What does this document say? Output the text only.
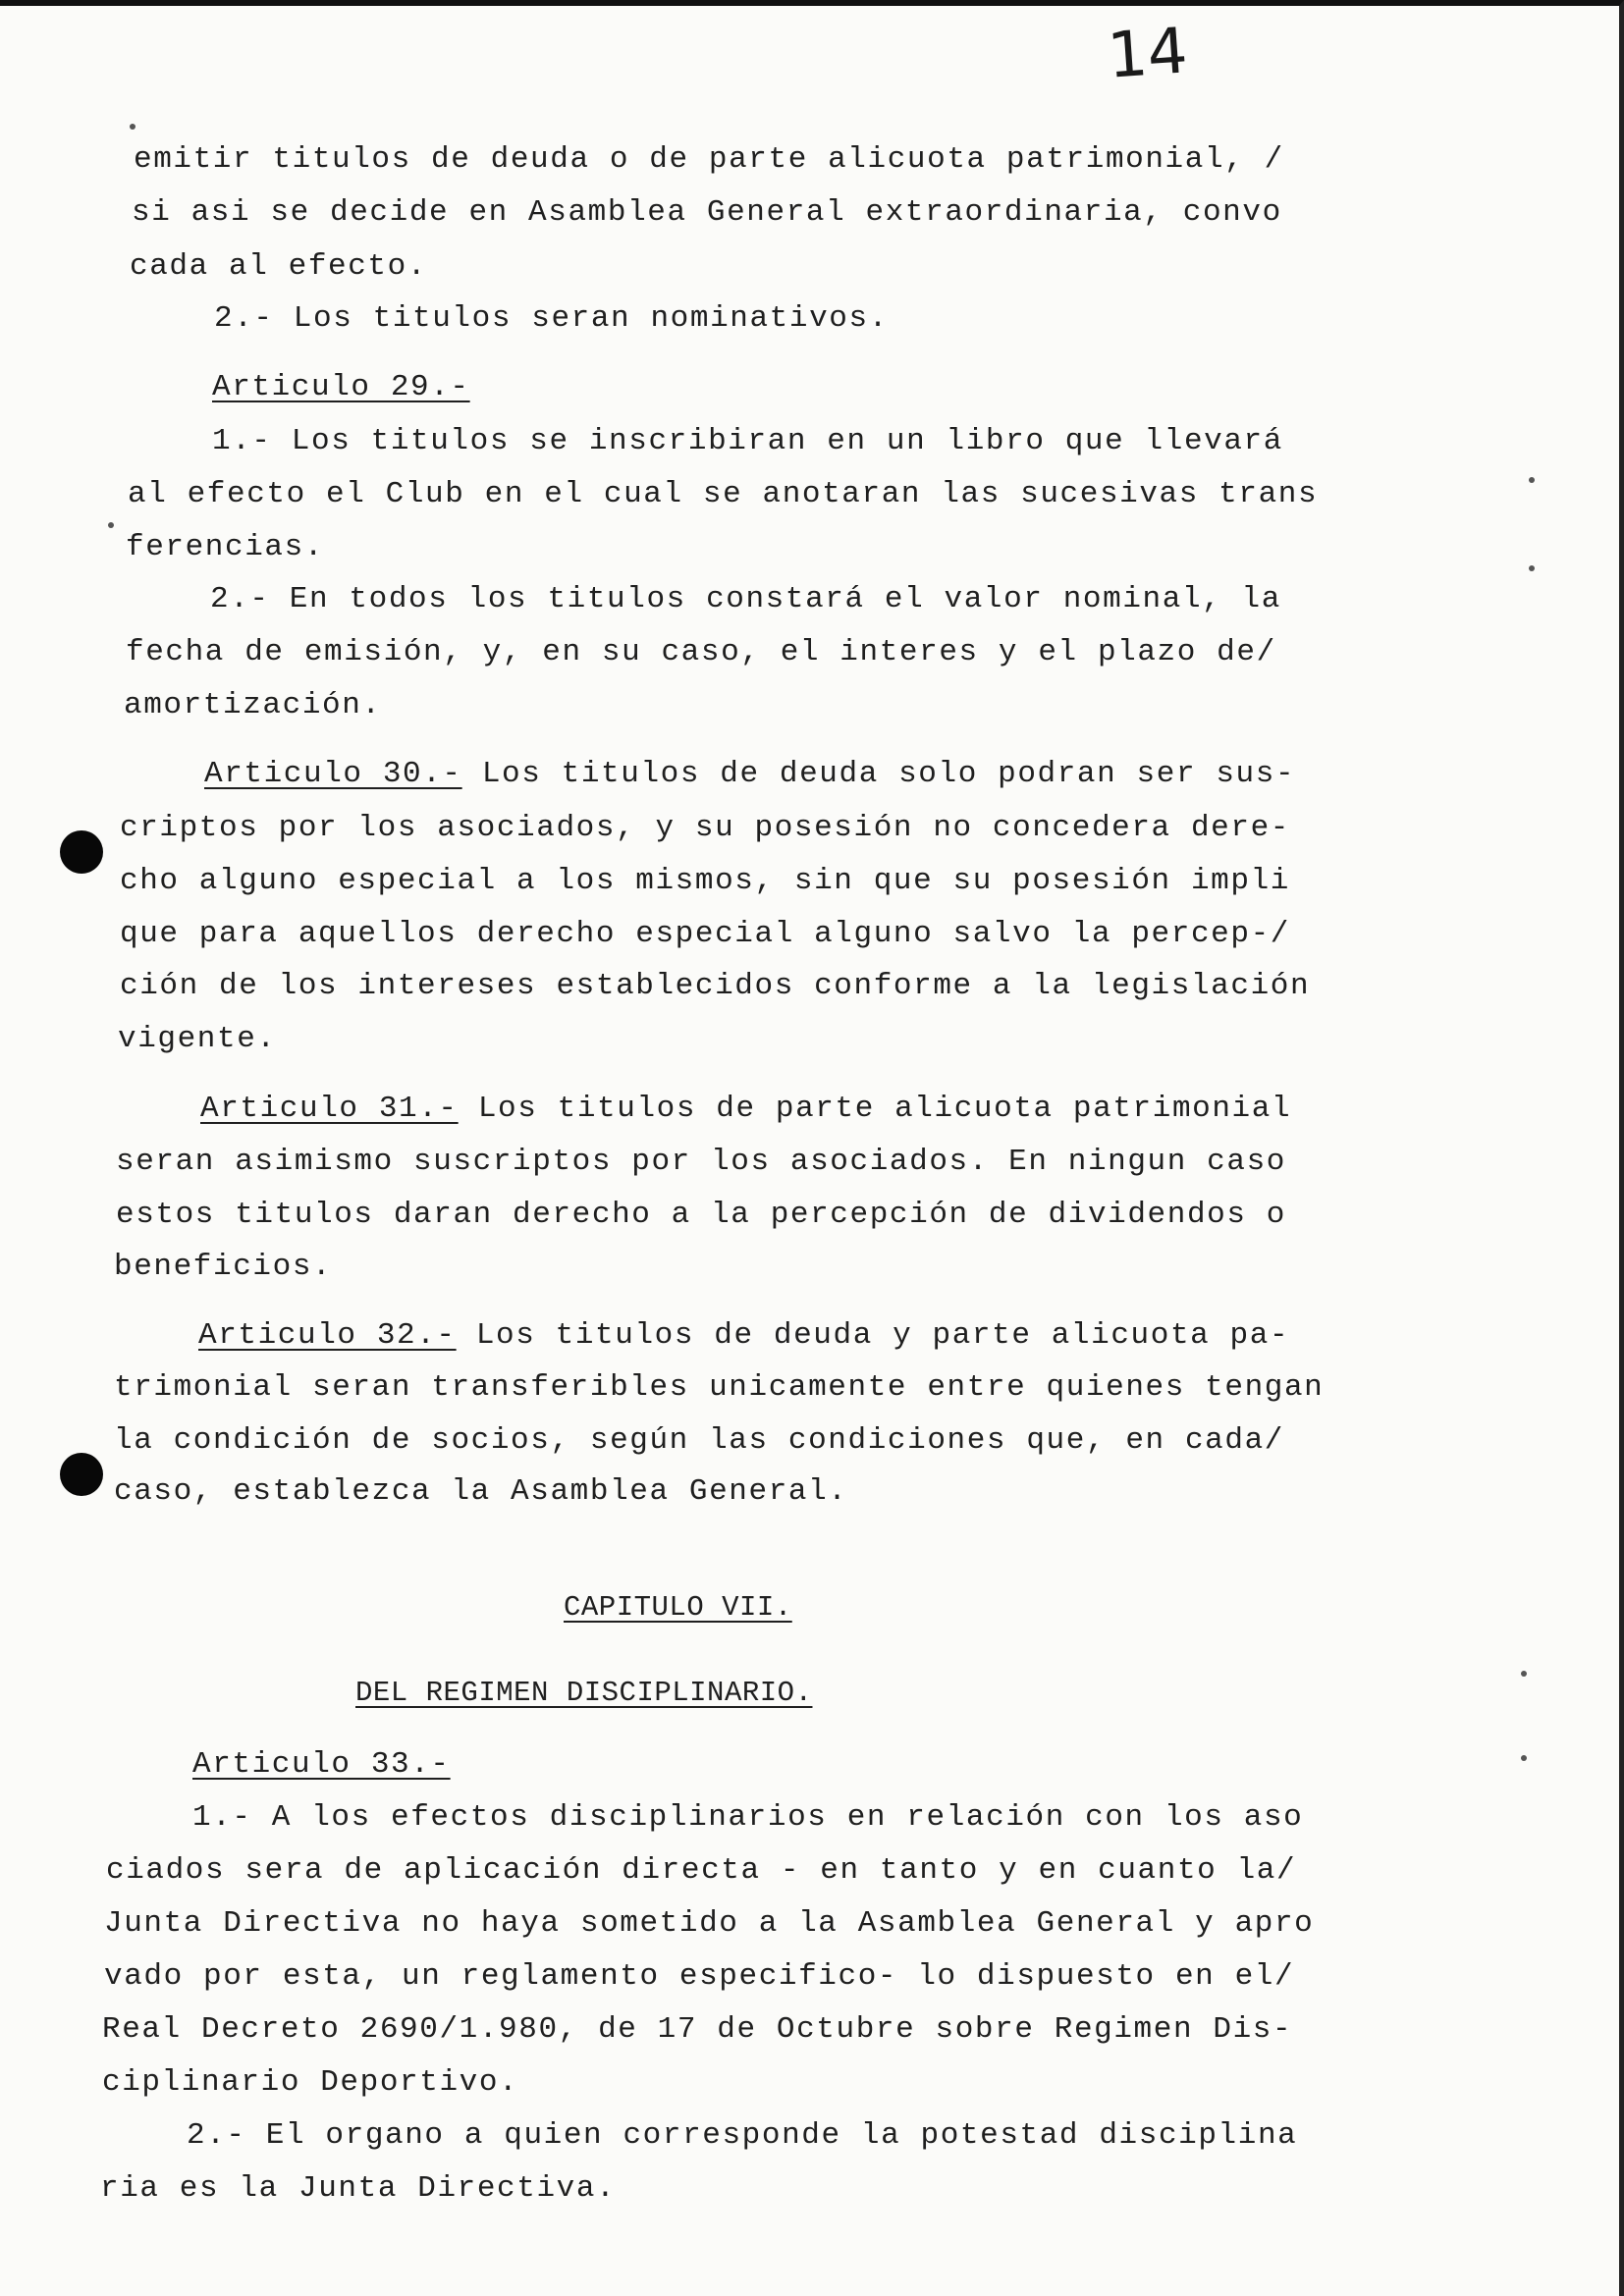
14
emitir titulos de deuda o de parte alicuota patrimonial, /
si asi se decide en Asamblea General extraordinaria, convo
cada al efecto.
2.- Los titulos seran nominativos.
Articulo 29.-
1.- Los titulos se inscribiran en un libro que llevará
al efecto el Club en el cual se anotaran las sucesivas trans
ferencias.
2.- En todos los titulos constará el valor nominal, la
fecha de emisión, y, en su caso, el interes y el plazo de/
amortización.
Articulo 30.- Los titulos de deuda solo podran ser sus-
criptos por los asociados, y su posesión no concedera dere-
cho alguno especial a los mismos, sin que su posesión impli
que para aquellos derecho especial alguno salvo la percep-/
ción de los intereses establecidos conforme a la legislación
vigente.
Articulo 31.- Los titulos de parte alicuota patrimonial
seran asimismo suscriptos por los asociados. En ningun caso
estos titulos daran derecho a la percepción de dividendos o
beneficios.
Articulo 32.- Los titulos de deuda y parte alicuota pa-
trimonial seran transferibles unicamente entre quienes tengan
la condición de socios, según las condiciones que, en cada/
caso, establezca la Asamblea General.
CAPITULO VII.
DEL REGIMEN DISCIPLINARIO.
Articulo 33.-
1.- A los efectos disciplinarios en relación con los aso
ciados sera de aplicación directa - en tanto y en cuanto la/
Junta Directiva no haya sometido a la Asamblea General y apro
vado por esta, un reglamento especifico- lo dispuesto en el/
Real Decreto 2690/1.980, de 17 de Octubre sobre Regimen Dis-
ciplinario Deportivo.
2.- El organo a quien corresponde la potestad disciplina
ria es la Junta Directiva.
